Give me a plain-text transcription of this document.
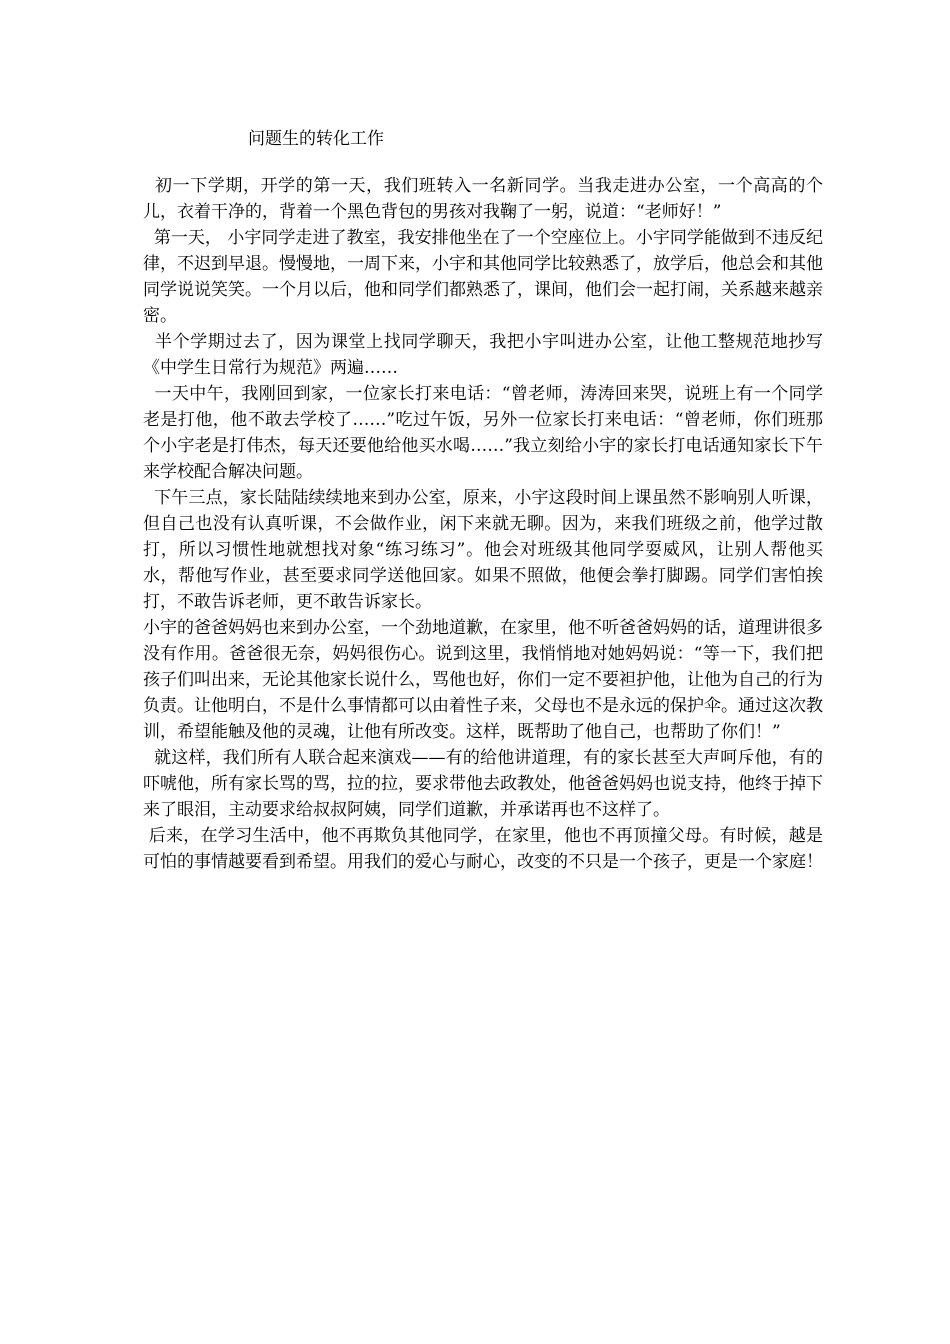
问题生的转化工作

初一下学期，开学的第一天，我们班转入一名新同学。当我走进办公室，一个高高的个儿，衣着干净的，背着一个黑色背包的男孩对我鞠了一躬，说道：“老师好！”

第一天， 小宇同学走进了教室，我安排他坐在了一个空座位上。小宇同学能做到不违反纪律，不迟到早退。慢慢地，一周下来，小宇和其他同学比较熟悉了，放学后，他总会和其他同学说说笑笑。一个月以后，他和同学们都熟悉了，课间，他们会一起打闹，关系越来越亲密。

半个学期过去了，因为课堂上找同学聊天，我把小宇叫进办公室，让他工整规范地抄写《中学生日常行为规范》两遍……

一天中午，我刚回到家，一位家长打来电话：“曾老师，涛涛回来哭，说班上有一个同学老是打他，他不敢去学校了……”吃过午饭，另外一位家长打来电话：“曾老师，你们班那个小宇老是打伟杰，每天还要他给他买水喝……”我立刻给小宇的家长打电话通知家长下午来学校配合解决问题。

下午三点，家长陆陆续续地来到办公室，原来，小宇这段时间上课虽然不影响别人听课，但自己也没有认真听课，不会做作业，闲下来就无聊。因为，来我们班级之前，他学过散打，所以习惯性地就想找对象“练习练习”。他会对班级其他同学耍威风，让别人帮他买水，帮他写作业，甚至要求同学送他回家。如果不照做，他便会拳打脚踢。同学们害怕挨打，不敢告诉老师，更不敢告诉家长。

小宇的爸爸妈妈也来到办公室，一个劲地道歉，在家里，他不听爸爸妈妈的话，道理讲很多没有作用。爸爸很无奈，妈妈很伤心。说到这里，我悄悄地对她妈妈说：“等一下，我们把孩子们叫出来，无论其他家长说什么，骂他也好，你们一定不要袒护他，让他为自己的行为负责。让他明白，不是什么事情都可以由着性子来，父母也不是永远的保护伞。通过这次教训，希望能触及他的灵魂，让他有所改变。这样，既帮助了他自己，也帮助了你们！”

就这样，我们所有人联合起来演戏——有的给他讲道理，有的家长甚至大声呵斥他，有的吓唬他，所有家长骂的骂，拉的拉，要求带他去政教处，他爸爸妈妈也说支持，他终于掉下来了眼泪，主动要求给叔叔阿姨，同学们道歉，并承诺再也不这样了。

后来，在学习生活中，他不再欺负其他同学，在家里，他也不再顶撞父母。有时候，越是可怕的事情越要看到希望。用我们的爱心与耐心，改变的不只是一个孩子，更是一个家庭！
